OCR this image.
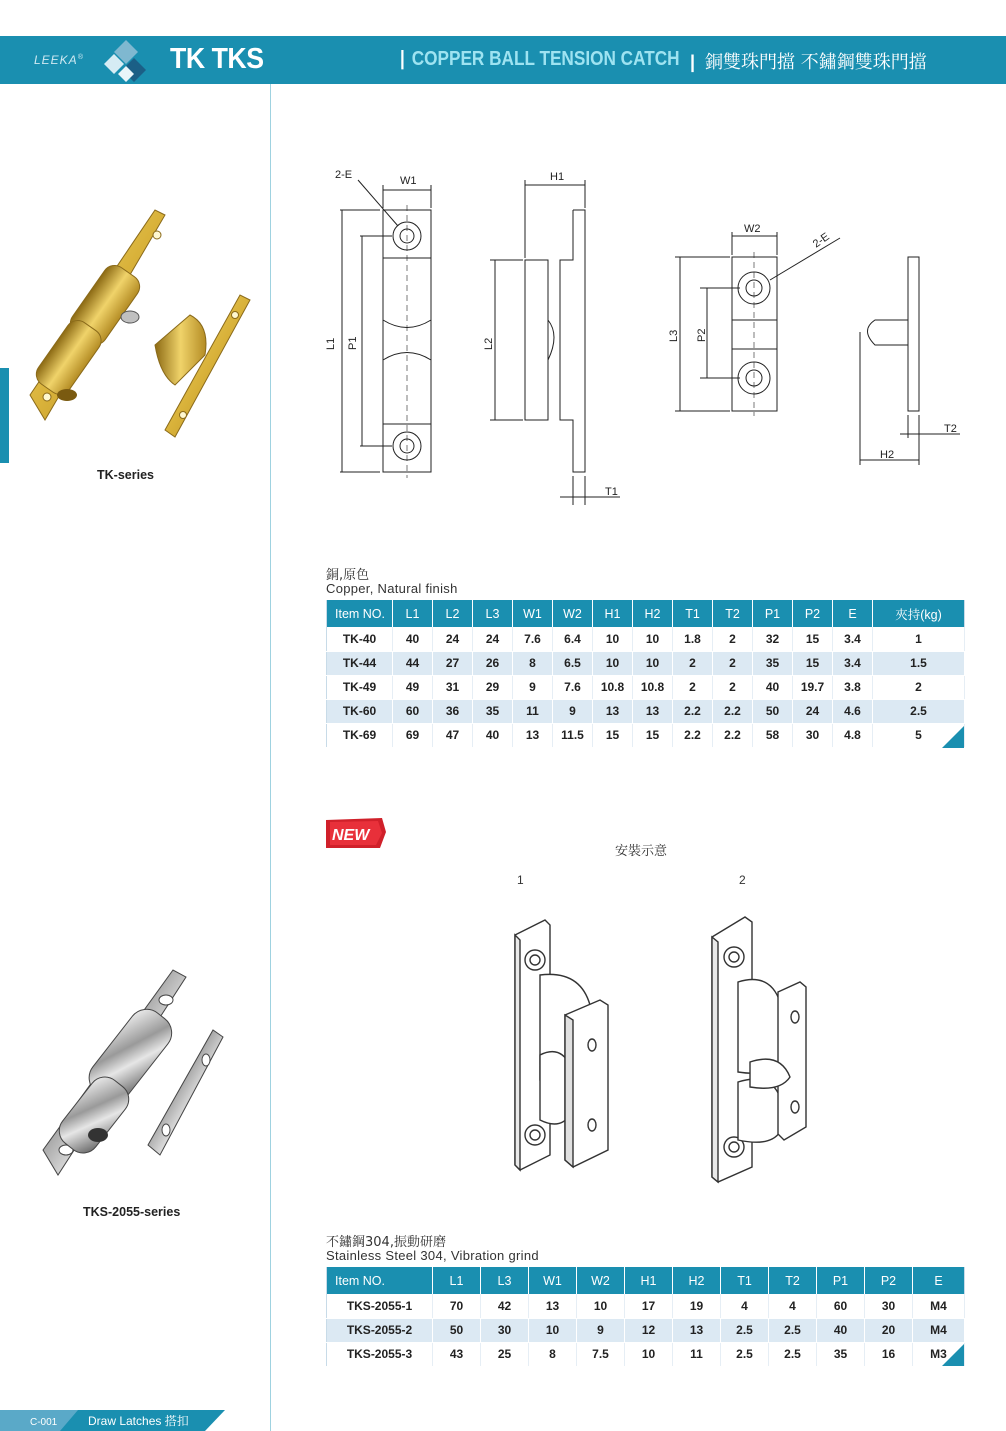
LEEKA®	TK TKS	| COPPER BALL TENSION CATCH | 銅雙珠門擋 不鏽鋼雙珠門擋
TK-series
TKS-2055-series
2-E	W1
L1 P1
H1
L2
T1
W2
2-E
L3 P2
T2
H2
銅,原色
Copper, Natural finish
Item NO.	L1	L2	L3	W1	W2	H1	H2	T1	T2	P1	P2	E	夾持(kg)
TK-40	40	24	24	7.6	6.4	10	10	1.8	2	32	15	3.4	1
TK-44	44	27	26	8	6.5	10	10	2	2	35	15	3.4	1.5
TK-49	49	31	29	9	7.6	10.8	10.8	2	2	40	19.7	3.8	2
TK-60	60	36	35	11	9	13	13	2.2	2.2	50	24	4.6	2.5
TK-69	69	47	40	13	11.5	15	15	2.2	2.2	58	30	4.8	5
NEW
安裝示意
1	2
不鏽鋼304,振動研磨
Stainless Steel 304, Vibration grind
Item NO.	L1	L3	W1	W2	H1	H2	T1	T2	P1	P2	E
TKS-2055-1	70	42	13	10	17	19	4	4	60	30	M4
TKS-2055-2	50	30	10	9	12	13	2.5	2.5	40	20	M4
TKS-2055-3	43	25	8	7.5	10	11	2.5	2.5	35	16	M3
C-001	Draw Latches 搭扣
